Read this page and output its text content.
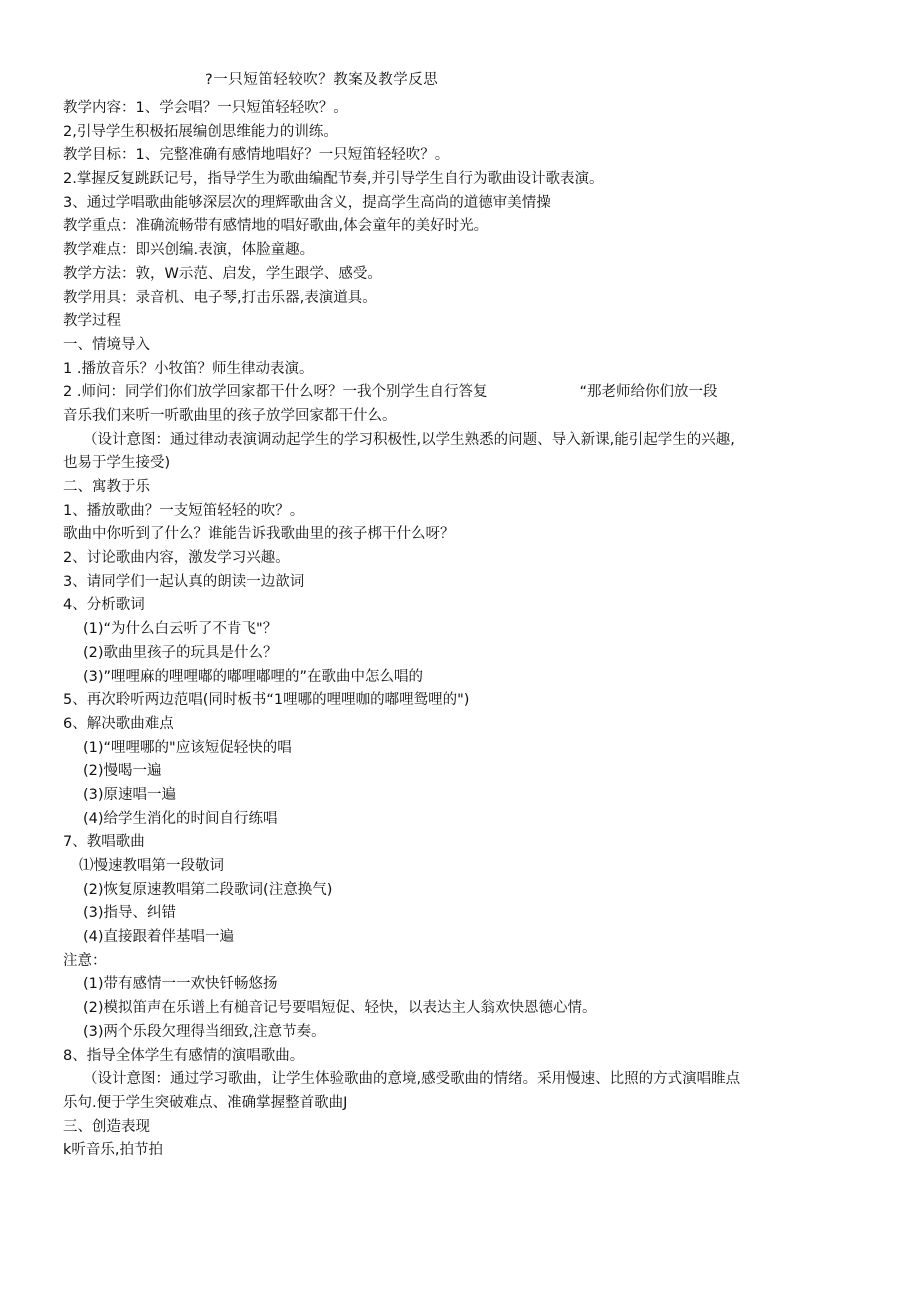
?一只短笛轻较吹？教案及教学反思
教学内容：1、学会唱？一只短笛轻轻吹？。
2,引导学生积极拓展编创思维能力的训练。
教学目标：1、完整准确有感情地唱好？一只短笛轻轻吹？。
2.掌握反复跳跃记号，指导学生为歌曲编配节奏,并引导学生自行为歌曲设计歌表演。
3、通过学唱歌曲能够深层次的理辉歌曲含义，提高学生高尚的道德审美情操
教学重点：准确流畅带有感情地的唱好歌曲,体会童年的美好时光。
教学难点：即兴创编.表演，体脸童趣。
教学方法：敦，W示范、启发，学生跟学、感受。
教学用具：录音机、电子琴,打击乐器,表演道具。
教学过程
一、情境导入
1 .播放音乐？小牧笛？师生律动表演。
2 .师问：同学们你们放学回家都干什么呀？一我个别学生自行答复	“那老师给你们放一段
音乐我们来听一听歌曲里的孩子放学回家都干什么。
（设计意图：通过律动表演调动起学生的学习积极性,以学生熟悉的问题、导入新课,能引起学生的兴趣,
也易于学生接受)
二、寓教于乐
1、播放歌曲？一支短笛轻轻的吹？。
歌曲中你听到了什么？谁能告诉我歌曲里的孩子梆干什么呀？
2、讨论歌曲内容，激发学习兴趣。
3、请同学们一起认真的朗读一边歆词
4、分析歌词
(1)“为什么白云听了不肯飞"？
(2)歌曲里孩子的玩具是什么？
(3)”哩哩麻的哩哩嘟的嘟哩嘟哩的”在歌曲中怎么唱的
5、再次聆听两边范唱(同时板书“1哩哪的哩哩咖的嘟哩鸳哩的")
6、解决歌曲难点
(1)“哩哩哪的"应该短促轻快的唱
(2)慢喝一遍
(3)原速唱一遍
(4)给学生消化的时间自行练唱
7、教唱歌曲
⑴慢速教唱第一段敬词
(2)恢复原速教唱第二段歌词(注意换气)
(3)指导、纠错
(4)直接跟着伴基唱一遍
注意：
(1)带有感情一一欢快钎畅悠扬
(2)模拟笛声在乐谱上有槌音记号要唱短促、轻快，以表达主人翁欢快恩德心情。
(3)两个乐段欠理得当细致,注意节奏。
8、指导全体学生有感情的演唱歌曲。
（设计意图：通过学习歌曲，让学生体验歌曲的意境,感受歌曲的情绪。采用慢速、比照的方式演唱睢点
乐句.便于学生突破难点、准确掌握整首歌曲J
三、创造表现
k听音乐,拍节拍
